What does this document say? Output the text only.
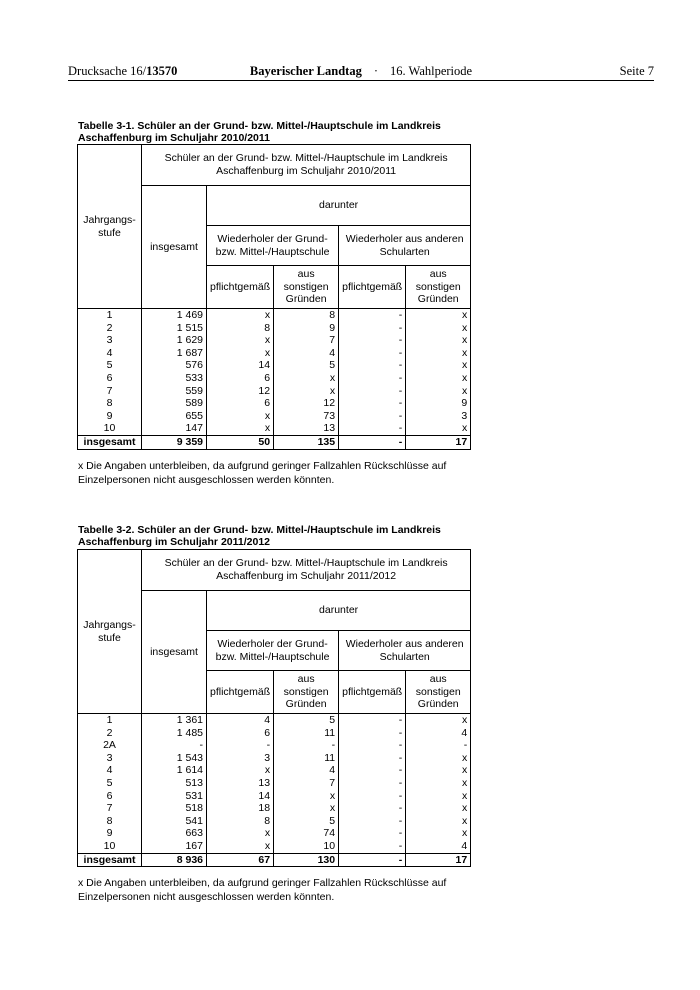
Drucksache 16/13570	Bayerischer Landtag · 16. Wahlperiode	Seite 7
Tabelle 3-1. Schüler an der Grund- bzw. Mittel-/Hauptschule im Landkreis
Aschaffenburg im Schuljahr 2010/2011
Jahrgangs-
stufe	Schüler an der Grund- bzw. Mittel-/Hauptschule im Landkreis
Aschaffenburg im Schuljahr 2010/2011				
	insgesamt	darunter			
		Wiederholer der Grund-
bzw. Mittel-/Hauptschule		Wiederholer aus anderen
Schularten	
		pflichtgemäß	aus
sonstigen
Gründen	pflichtgemäß	aus
sonstigen
Gründen
1	1 469	x	8	-	x
2	1 515	8	9	-	x
3	1 629	x	7	-	x
4	1 687	x	4	-	x
5	576	14	5	-	x
6	533	6	x	-	x
7	559	12	x	-	x
8	589	6	12	-	9
9	655	x	73	-	3
10	147	x	13	-	x
insgesamt	9 359	50	135	-	17
x Die Angaben unterbleiben, da aufgrund geringer Fallzahlen Rückschlüsse auf
Einzelpersonen nicht ausgeschlossen werden könnten.
Tabelle 3-2. Schüler an der Grund- bzw. Mittel-/Hauptschule im Landkreis
Aschaffenburg im Schuljahr 2011/2012
Jahrgangs-
stufe	Schüler an der Grund- bzw. Mittel-/Hauptschule im Landkreis
Aschaffenburg im Schuljahr 2011/2012				
	insgesamt	darunter			
		Wiederholer der Grund-
bzw. Mittel-/Hauptschule		Wiederholer aus anderen
Schularten	
		pflichtgemäß	aus
sonstigen
Gründen	pflichtgemäß	aus
sonstigen
Gründen
1	1 361	4	5	-	x
2	1 485	6	11	-	4
2A	-	-	-	-	-
3	1 543	3	11	-	x
4	1 614	x	4	-	x
5	513	13	7	-	x
6	531	14	x	-	x
7	518	18	x	-	x
8	541	8	5	-	x
9	663	x	74	-	x
10	167	x	10	-	4
insgesamt	8 936	67	130	-	17
x Die Angaben unterbleiben, da aufgrund geringer Fallzahlen Rückschlüsse auf
Einzelpersonen nicht ausgeschlossen werden könnten.
